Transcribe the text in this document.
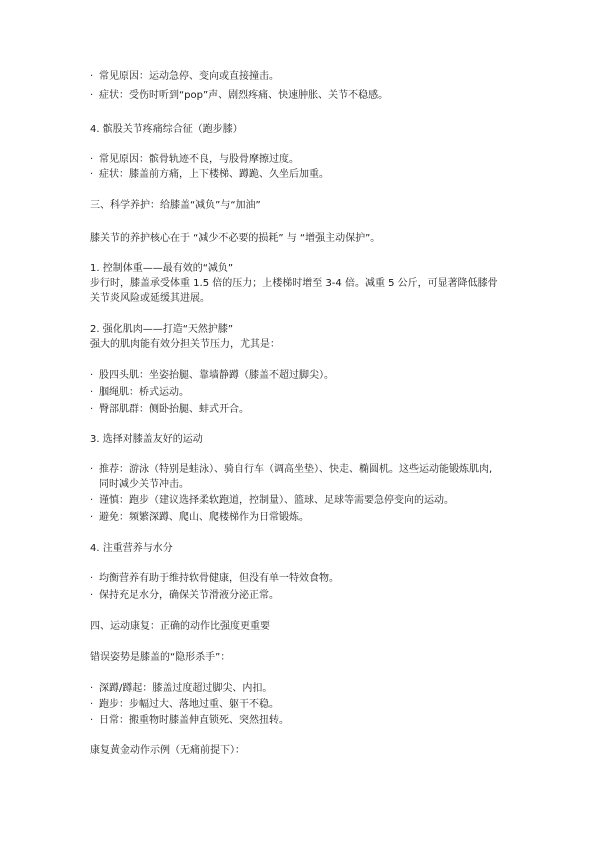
· 常见原因：运动急停、变向或直接撞击。
· 症状：受伤时听到“pop”声、剧烈疼痛、快速肿胀、关节不稳感。
4. 髌股关节疼痛综合征（跑步膝）
· 常见原因：髌骨轨迹不良，与股骨摩擦过度。
· 症状：膝盖前方痛，上下楼梯、蹲跪、久坐后加重。
三、科学养护：给膝盖“减负”与“加油”
膝关节的养护核心在于 “减少不必要的损耗” 与 “增强主动保护”。
1. 控制体重——最有效的“减负”
步行时，膝盖承受体重 1.5 倍的压力；上楼梯时增至 3-4 倍。减重 5 公斤，可显著降低膝骨
关节炎风险或延缓其进展。
2. 强化肌肉——打造“天然护膝”
强大的肌肉能有效分担关节压力，尤其是：
· 股四头肌：坐姿抬腿、靠墙静蹲（膝盖不超过脚尖）。
· 腘绳肌：桥式运动。
· 臀部肌群：侧卧抬腿、蚌式开合。
3. 选择对膝盖友好的运动
· 推荐：游泳（特别是蛙泳）、骑自行车（调高坐垫）、快走、椭圆机。这些运动能锻炼肌肉,
同时减少关节冲击。
· 谨慎：跑步（建议选择柔软跑道，控制量）、篮球、足球等需要急停变向的运动。
· 避免：频繁深蹲、爬山、爬楼梯作为日常锻炼。
4. 注重营养与水分
· 均衡营养有助于维持软骨健康，但没有单一特效食物。
· 保持充足水分，确保关节滑液分泌正常。
四、运动康复：正确的动作比强度更重要
错误姿势是膝盖的“隐形杀手”：
· 深蹲/蹲起：膝盖过度超过脚尖、内扣。
· 跑步：步幅过大、落地过重、躯干不稳。
· 日常：搬重物时膝盖伸直锁死、突然扭转。
康复黄金动作示例（无痛前提下）：
